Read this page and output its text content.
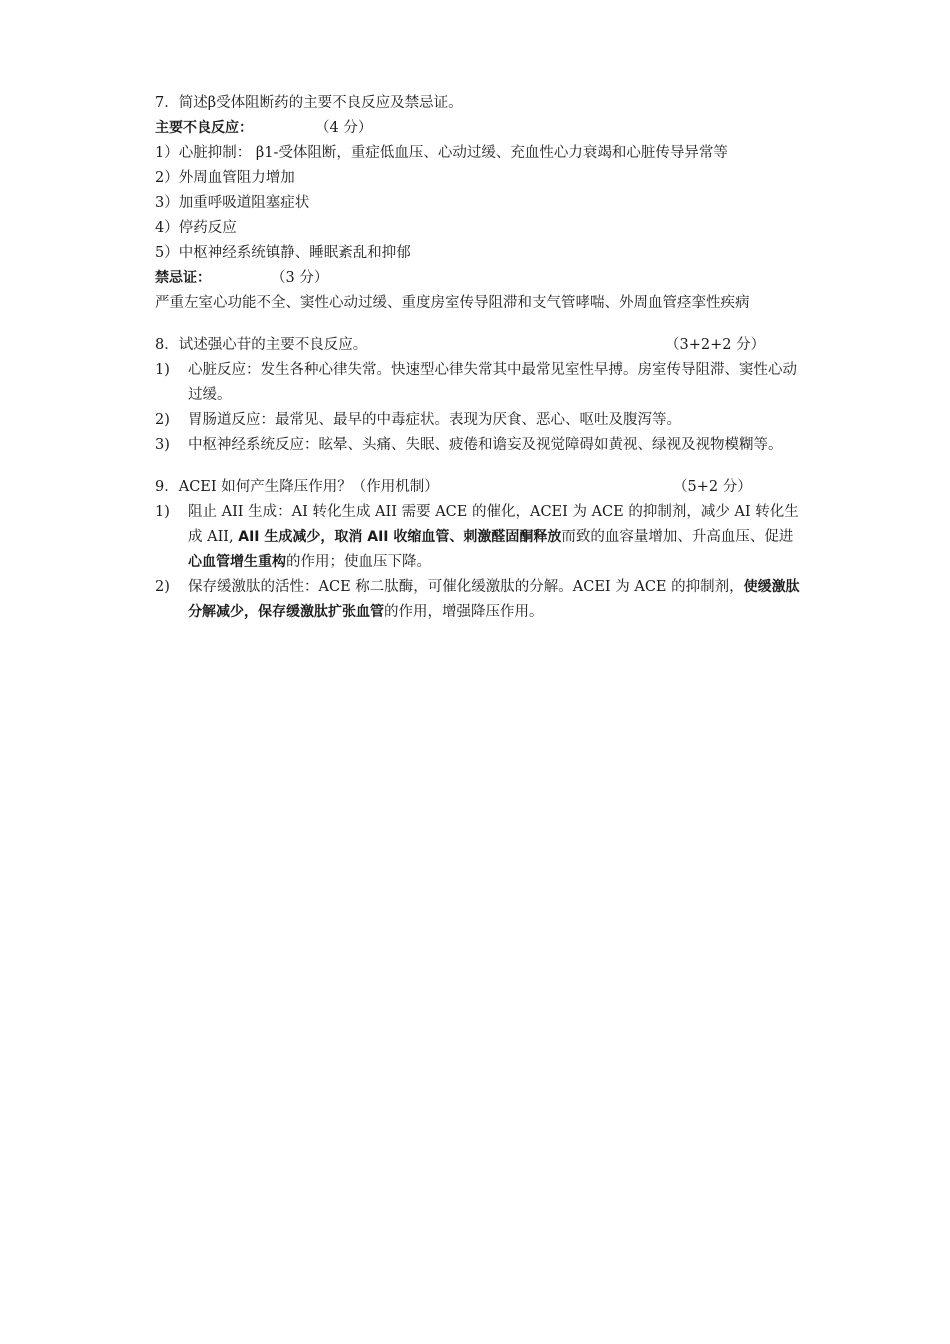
7．简述β受体阻断药的主要不良反应及禁忌证。
主要不良反应：	（4 分）
1）心脏抑制： β1-受体阻断，重症低血压、心动过缓、充血性心力衰竭和心脏传导异常等
2）外周血管阻力增加
3）加重呼吸道阻塞症状
4）停药反应
5）中枢神经系统镇静、睡眠紊乱和抑郁
禁忌证：	（3 分）
严重左室心功能不全、窦性心动过缓、重度房室传导阻滞和支气管哮喘、外周血管痉挛性疾病
8．试述强心苷的主要不良反应。	（3+2+2 分）
1) 心脏反应：发生各种心律失常。快速型心律失常其中最常见室性早搏。房室传导阻滞、窦性心动过缓。
2) 胃肠道反应：最常见、最早的中毒症状。表现为厌食、恶心、呕吐及腹泻等。
3) 中枢神经系统反应：眩晕、头痛、失眠、疲倦和谵妄及视觉障碍如黄视、绿视及视物模糊等。
9．ACEI 如何产生降压作用？（作用机制）	（5+2 分）
1) 阻止 AII 生成：AI 转化生成 AII 需要 ACE 的催化，ACEI 为 ACE 的抑制剂，减少 AI 转化生成 AII, AII 生成减少，取消 AII 收缩血管、刺激醛固酮释放而致的血容量增加、升高血压、促进心血管增生重构的作用；使血压下降。
2) 保存缓激肽的活性：ACE 称二肽酶，可催化缓激肽的分解。ACEI 为 ACE 的抑制剂，使缓激肽分解减少，保存缓激肽扩张血管的作用，增强降压作用。
